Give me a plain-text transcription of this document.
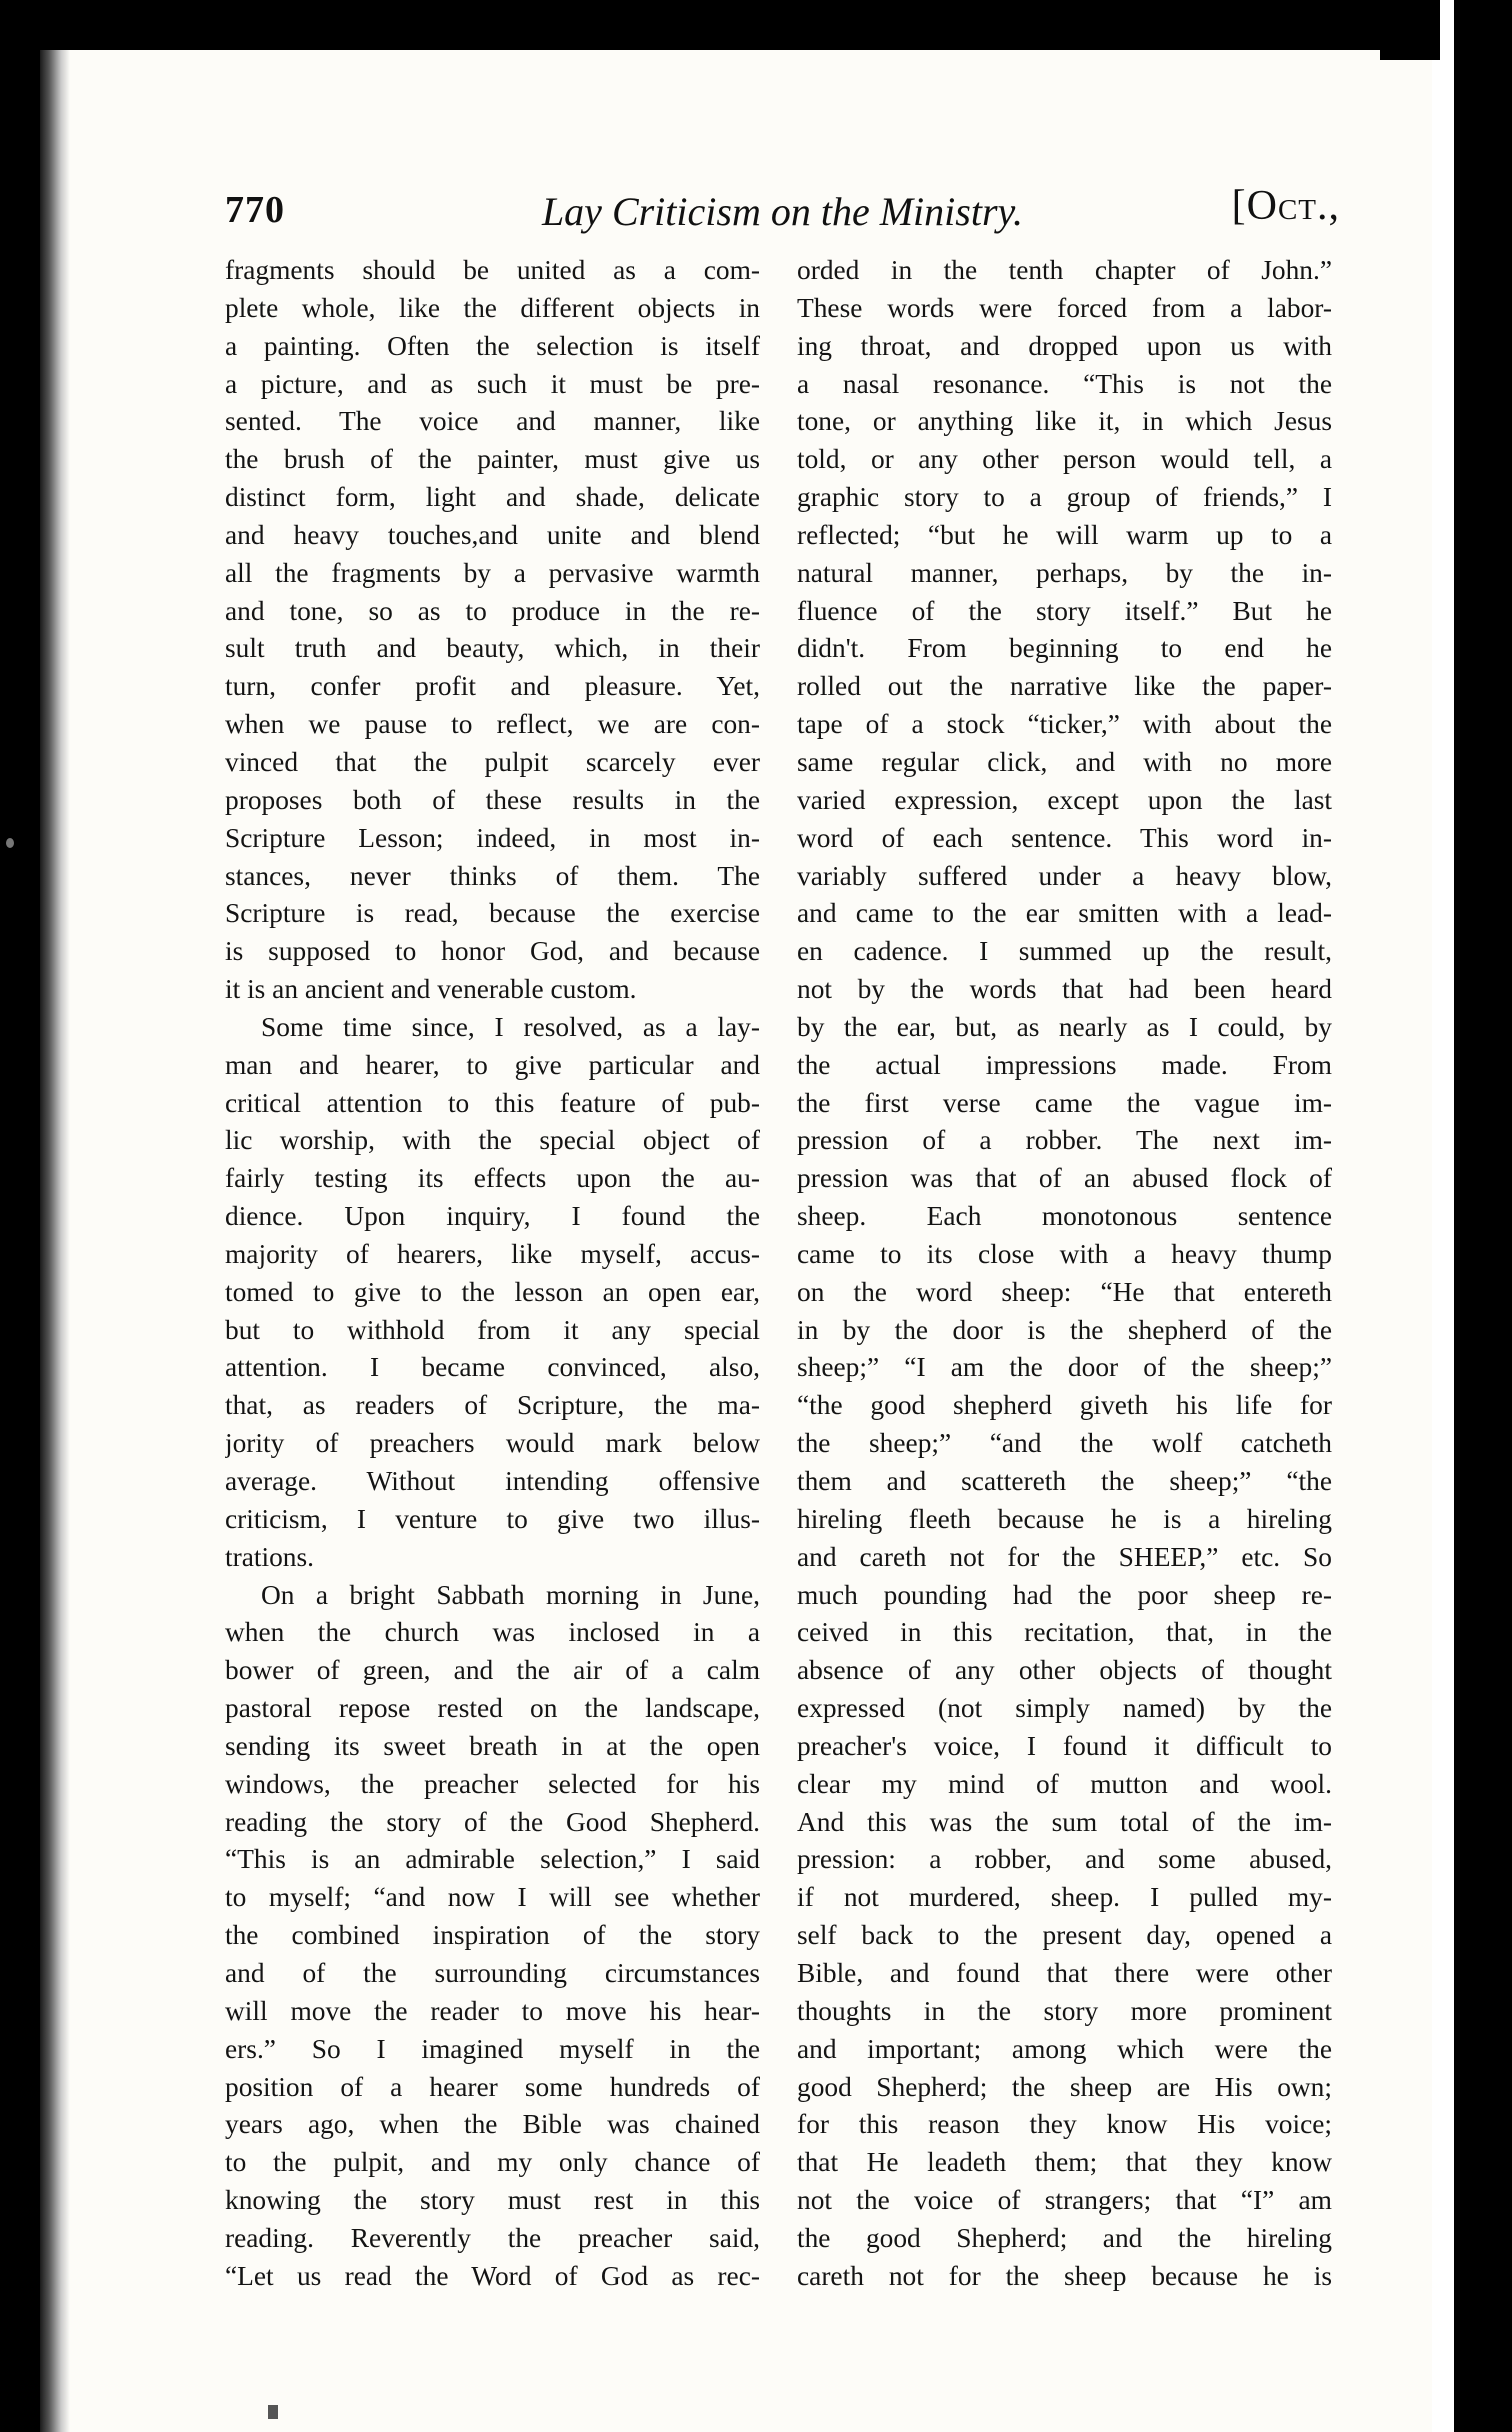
770	Lay Criticism on the Ministry.	[Oct.,
fragments should be united as a com-
plete whole, like the different objects in
a painting. Often the selection is itself
a picture, and as such it must be pre-
sented. The voice and manner, like
the brush of the painter, must give us
distinct form, light and shade, delicate
and heavy touches,and unite and blend
all the fragments by a pervasive warmth
and tone, so as to produce in the re-
sult truth and beauty, which, in their
turn, confer profit and pleasure. Yet,
when we pause to reflect, we are con-
vinced that the pulpit scarcely ever
proposes both of these results in the
Scripture Lesson; indeed, in most in-
stances, never thinks of them. The
Scripture is read, because the exercise
is supposed to honor God, and because
it is an ancient and venerable custom.
Some time since, I resolved, as a lay-
man and hearer, to give particular and
critical attention to this feature of pub-
lic worship, with the special object of
fairly testing its effects upon the au-
dience. Upon inquiry, I found the
majority of hearers, like myself, accus-
tomed to give to the lesson an open ear,
but to withhold from it any special
attention. I became convinced, also,
that, as readers of Scripture, the ma-
jority of preachers would mark below
average. Without intending offensive
criticism, I venture to give two illus-
trations.
On a bright Sabbath morning in June,
when the church was inclosed in a
bower of green, and the air of a calm
pastoral repose rested on the landscape,
sending its sweet breath in at the open
windows, the preacher selected for his
reading the story of the Good Shepherd.
“This is an admirable selection,” I said
to myself; “and now I will see whether
the combined inspiration of the story
and of the surrounding circumstances
will move the reader to move his hear-
ers.” So I imagined myself in the
position of a hearer some hundreds of
years ago, when the Bible was chained
to the pulpit, and my only chance of
knowing the story must rest in this
reading. Reverently the preacher said,
“Let us read the Word of God as rec-
orded in the tenth chapter of John.”
These words were forced from a labor-
ing throat, and dropped upon us with
a nasal resonance. “This is not the
tone, or anything like it, in which Jesus
told, or any other person would tell, a
graphic story to a group of friends,” I
reflected; “but he will warm up to a
natural manner, perhaps, by the in-
fluence of the story itself.” But he
didn't. From beginning to end he
rolled out the narrative like the paper-
tape of a stock “ticker,” with about the
same regular click, and with no more
varied expression, except upon the last
word of each sentence. This word in-
variably suffered under a heavy blow,
and came to the ear smitten with a lead-
en cadence. I summed up the result,
not by the words that had been heard
by the ear, but, as nearly as I could, by
the actual impressions made. From
the first verse came the vague im-
pression of a robber. The next im-
pression was that of an abused flock of
sheep. Each monotonous sentence
came to its close with a heavy thump
on the word sheep: “He that entereth
in by the door is the shepherd of the
sheep;” “I am the door of the sheep;”
“the good shepherd giveth his life for
the sheep;” “and the wolf catcheth
them and scattereth the sheep;” “the
hireling fleeth because he is a hireling
and careth not for the SHEEP,” etc. So
much pounding had the poor sheep re-
ceived in this recitation, that, in the
absence of any other objects of thought
expressed (not simply named) by the
preacher's voice, I found it difficult to
clear my mind of mutton and wool.
And this was the sum total of the im-
pression: a robber, and some abused,
if not murdered, sheep. I pulled my-
self back to the present day, opened a
Bible, and found that there were other
thoughts in the story more prominent
and important; among which were the
good Shepherd; the sheep are His own;
for this reason they know His voice;
that He leadeth them; that they know
not the voice of strangers; that “I” am
the good Shepherd; and the hireling
careth not for the sheep because he is
